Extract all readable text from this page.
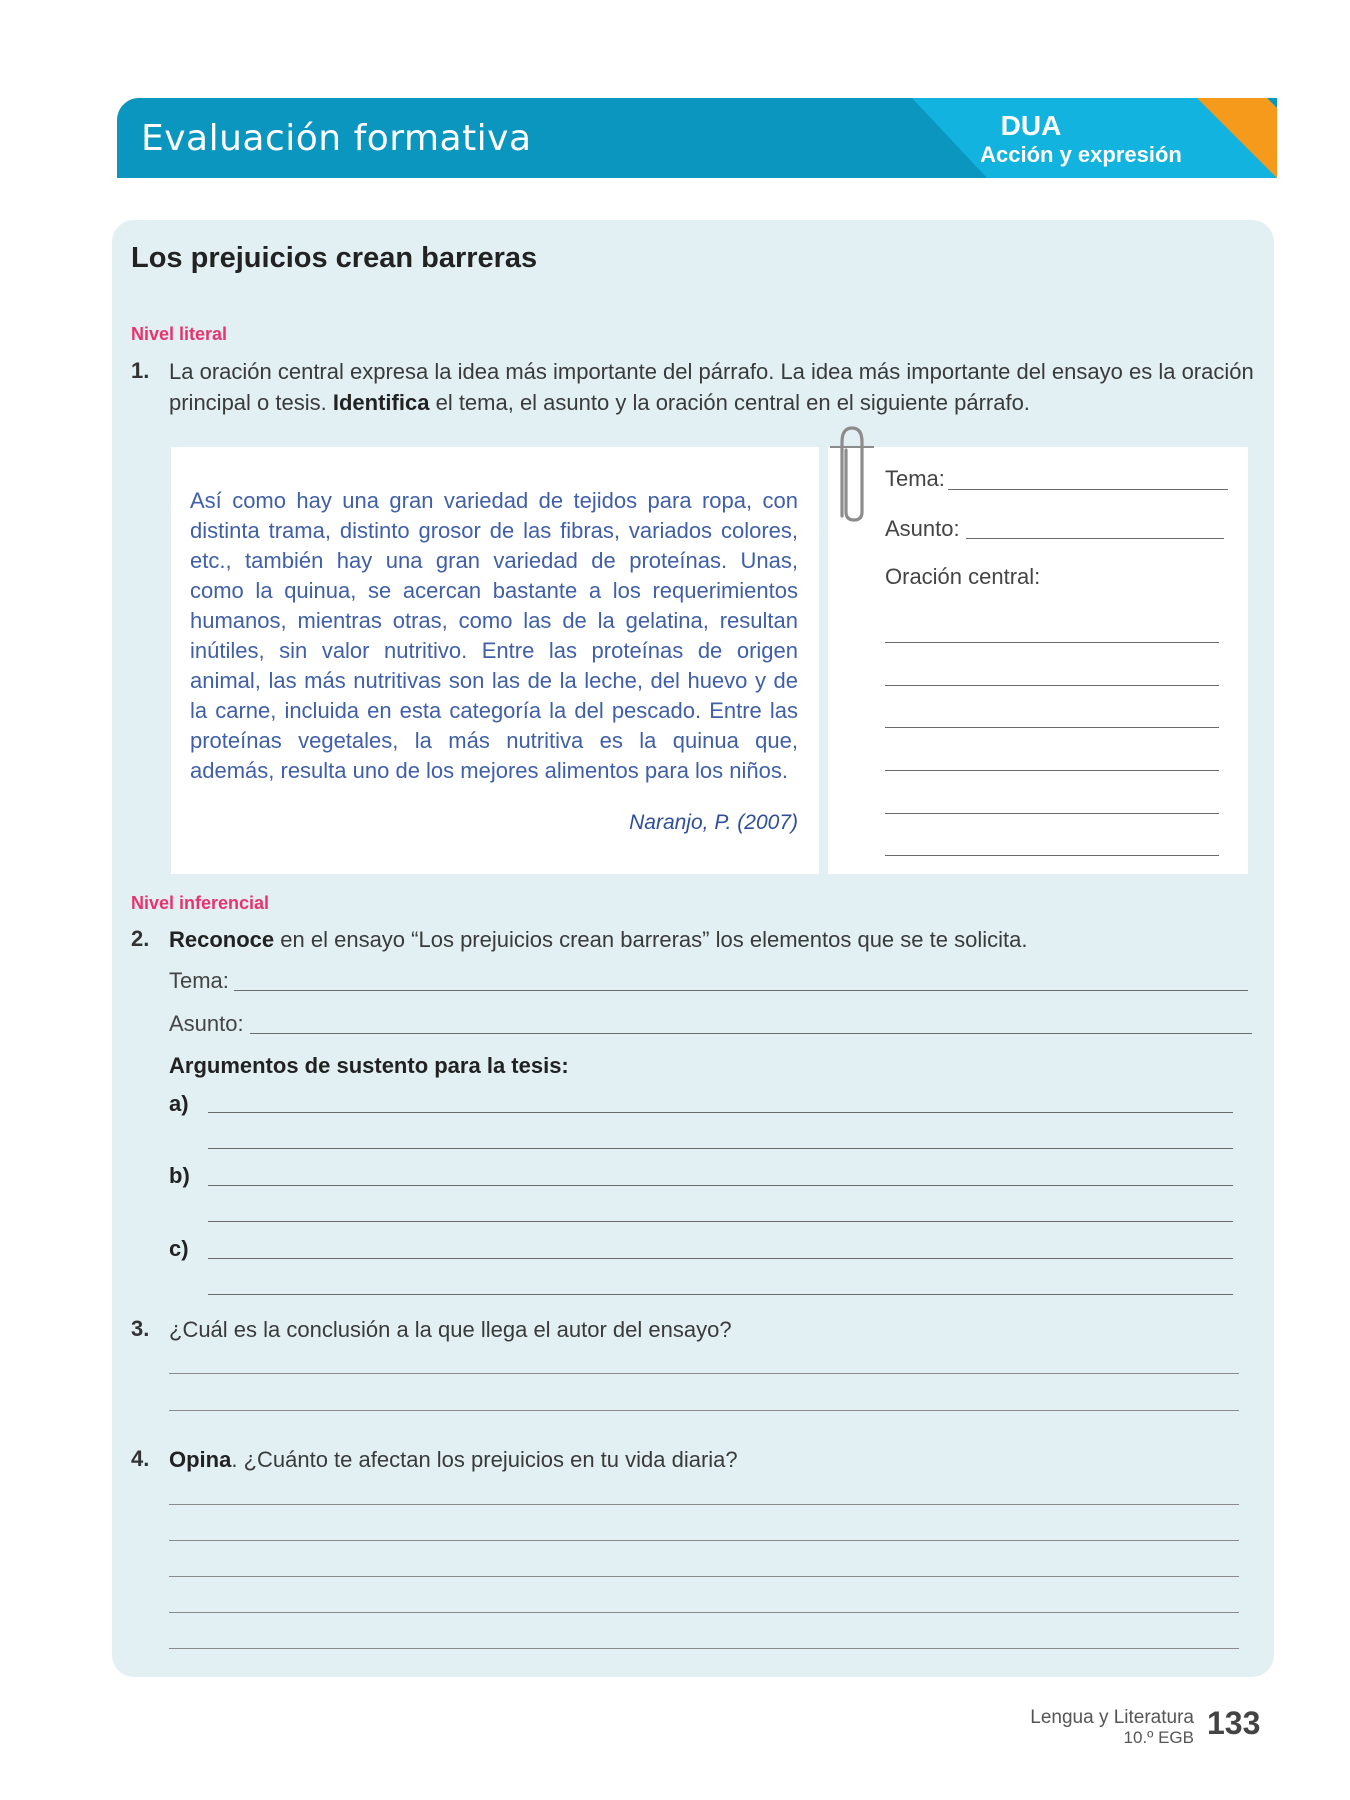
Evaluación formativa	DUA
Acción y expresión
Los prejuicios crean barreras
Nivel literal
1. La oración central expresa la idea más importante del párrafo. La idea más importante del ensayo es la oración principal o tesis. Identifica el tema, el asunto y la oración central en el siguiente párrafo.
Así como hay una gran variedad de tejidos para ropa, con distinta trama, distinto grosor de las fibras, variados colores, etc., también hay una gran variedad de proteínas. Unas, como la quinua, se acercan bastante a los requerimientos humanos, mientras otras, como las de la gelatina, resultan inútiles, sin valor nutritivo. Entre las proteínas de origen animal, las más nutritivas son las de la leche, del huevo y de la carne, incluida en esta categoría la del pescado. Entre las proteínas vegetales, la más nutritiva es la quinua que, además, resulta uno de los mejores alimentos para los niños.
Naranjo, P. (2007)
Tema:
Asunto:
Oración central:
Nivel inferencial
2. Reconoce en el ensayo “Los prejuicios crean barreras” los elementos que se te solicita.
Tema:
Asunto:
Argumentos de sustento para la tesis:
a)
b)
c)
3. ¿Cuál es la conclusión a la que llega el autor del ensayo?
4. Opina. ¿Cuánto te afectan los prejuicios en tu vida diaria?
Lengua y Literatura
10.º EGB 133
